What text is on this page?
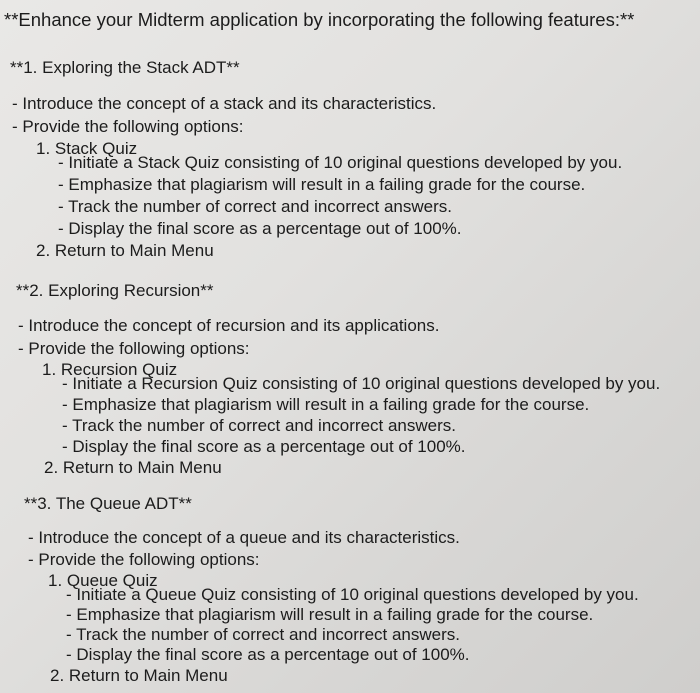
**Enhance your Midterm application by incorporating the following features:**
**1. Exploring the Stack ADT**
- Introduce the concept of a stack and its characteristics.
- Provide the following options:
1. Stack Quiz
- Initiate a Stack Quiz consisting of 10 original questions developed by you.
- Emphasize that plagiarism will result in a failing grade for the course.
- Track the number of correct and incorrect answers.
- Display the final score as a percentage out of 100%.
2. Return to Main Menu
**2. Exploring Recursion**
- Introduce the concept of recursion and its applications.
- Provide the following options:
1. Recursion Quiz
- Initiate a Recursion Quiz consisting of 10 original questions developed by you.
- Emphasize that plagiarism will result in a failing grade for the course.
- Track the number of correct and incorrect answers.
- Display the final score as a percentage out of 100%.
2. Return to Main Menu
**3. The Queue ADT**
- Introduce the concept of a queue and its characteristics.
- Provide the following options:
1. Queue Quiz
- Initiate a Queue Quiz consisting of 10 original questions developed by you.
- Emphasize that plagiarism will result in a failing grade for the course.
- Track the number of correct and incorrect answers.
- Display the final score as a percentage out of 100%.
2. Return to Main Menu
